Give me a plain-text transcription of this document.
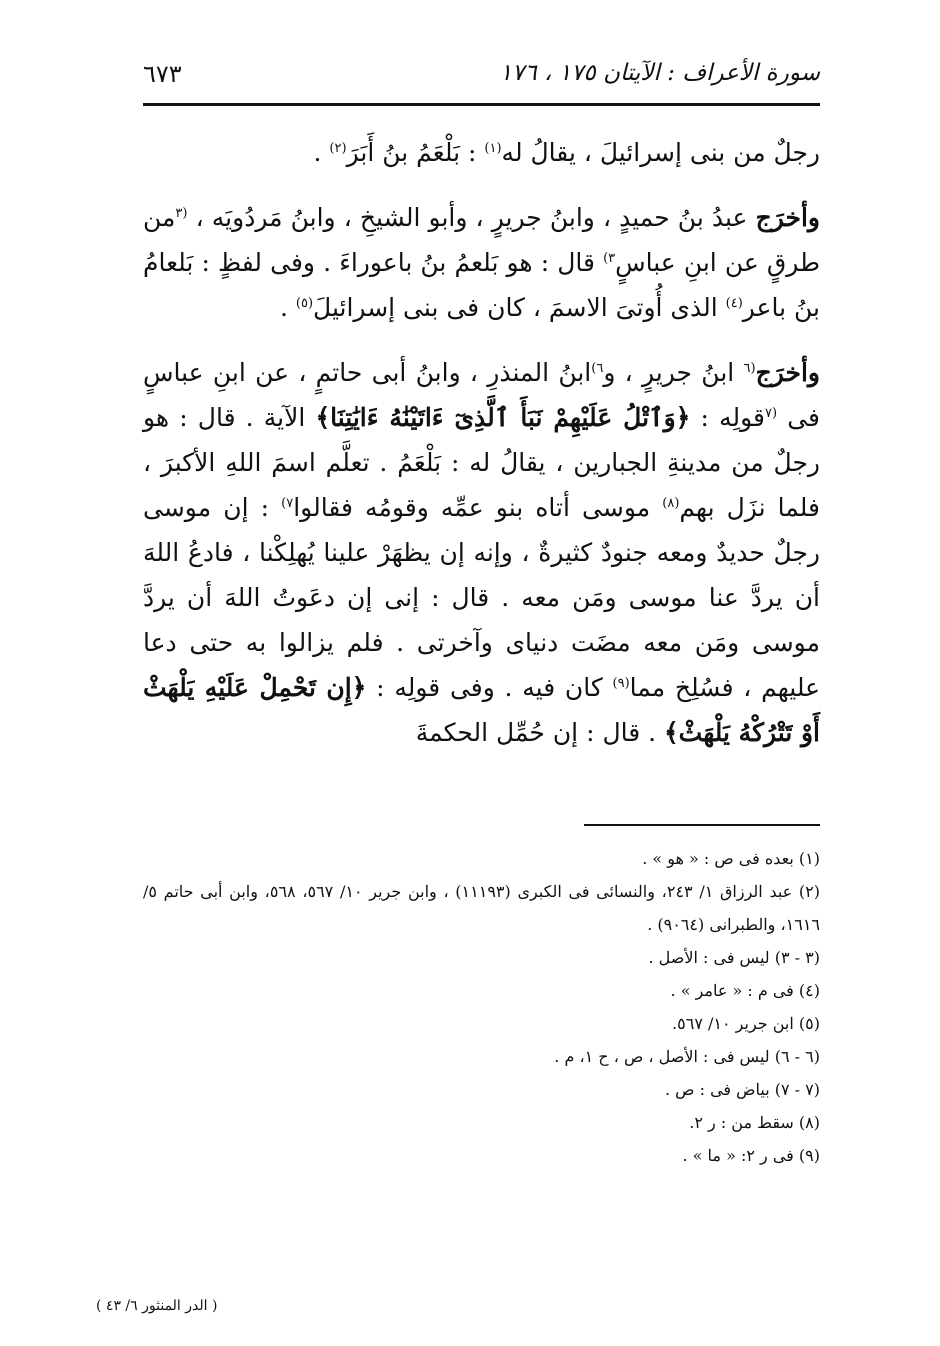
سورة الأعراف : الآيتان ١٧٥ ، ١٧٦
٦٧٣

رجلٌ من بنى إسرائيلَ ، يقالُ له$^{(١)}$ : بَلْعَمُ بنُ أَبَرَ$^{(٢)}$ .

وأخرَج عبدُ بنُ حميدٍ ، وابنُ جريرٍ ، وأبو الشيخِ ، وابنُ مَردُويَه ، $^{(٣}$من طرقٍ عن ابنِ عباسٍ$^{٣)}$ قال : هو بَلعمُ بنُ باعوراءَ . وفى لفظٍ : بَلعامُ بنُ باعر$^{(٤)}$ الذى أُوتىَ الاسمَ ، كان فى بنى إسرائيلَ$^{(٥)}$ .

وأخرَج$^{(٦}$ ابنُ جريرٍ ، و$^{٦)}$ابنُ المنذرِ ، وابنُ أبى حاتمٍ ، عن ابنِ عباسٍ فى $^{(٧}$قولِه : ﴿وَٱتْلُ عَلَيْهِمْ نَبَأَ ٱلَّذِىٓ ءَاتَيْنَٰهُ ءَايَٰتِنَا﴾ الآية . قال : هو رجلٌ من مدينةِ الجبارين ، يقالُ له : بَلْعَمُ . تعلَّم اسمَ اللهِ الأكبرَ ، فلما نزَل بهم$^{(٨)}$ موسى أتاه بنو عمِّه وقومُه فقالوا$^{٧)}$ : إن موسى رجلٌ حديدٌ ومعه جنودٌ كثيرةٌ ، وإنه إن يظهَرْ علينا يُهلِكْنا ، فادعُ اللهَ أن يردَّ عنا موسى ومَن معه . قال : إنى إن دعَوتُ اللهَ أن يردَّ موسى ومَن معه مضَت دنياى وآخرتى . فلم يزالوا به حتى دعا عليهم ، فسُلِخ مما$^{(٩)}$ كان فيه . وفى قولِه : ﴿إِن تَحْمِلْ عَلَيْهِ يَلْهَثْ أَوْ تَتْرُكْهُ يَلْهَثْ﴾ . قال : إن حُمِّل الحكمةَ

(١) بعده فى ص : « هو » .
(٢) عبد الرزاق ١/ ٢٤٣، والنسائى فى الكبرى (١١١٩٣) ، وابن جرير ١٠/ ٥٦٧، ٥٦٨، وابن أبى حاتم ٥/ ١٦١٦، والطبرانى (٩٠٦٤) .
(٣ - ٣) ليس فى : الأصل .
(٤) فى م : « عامر » .
(٥) ابن جرير ١٠/ ٥٦٧.
(٦ - ٦) ليس فى : الأصل ، ص ، ح ١، م .
(٧ - ٧) بياض فى : ص .
(٨) سقط من : ر ٢.
(٩) فى ر ٢: « ما » .
( الدر المنثور ٦/ ٤٣ )
